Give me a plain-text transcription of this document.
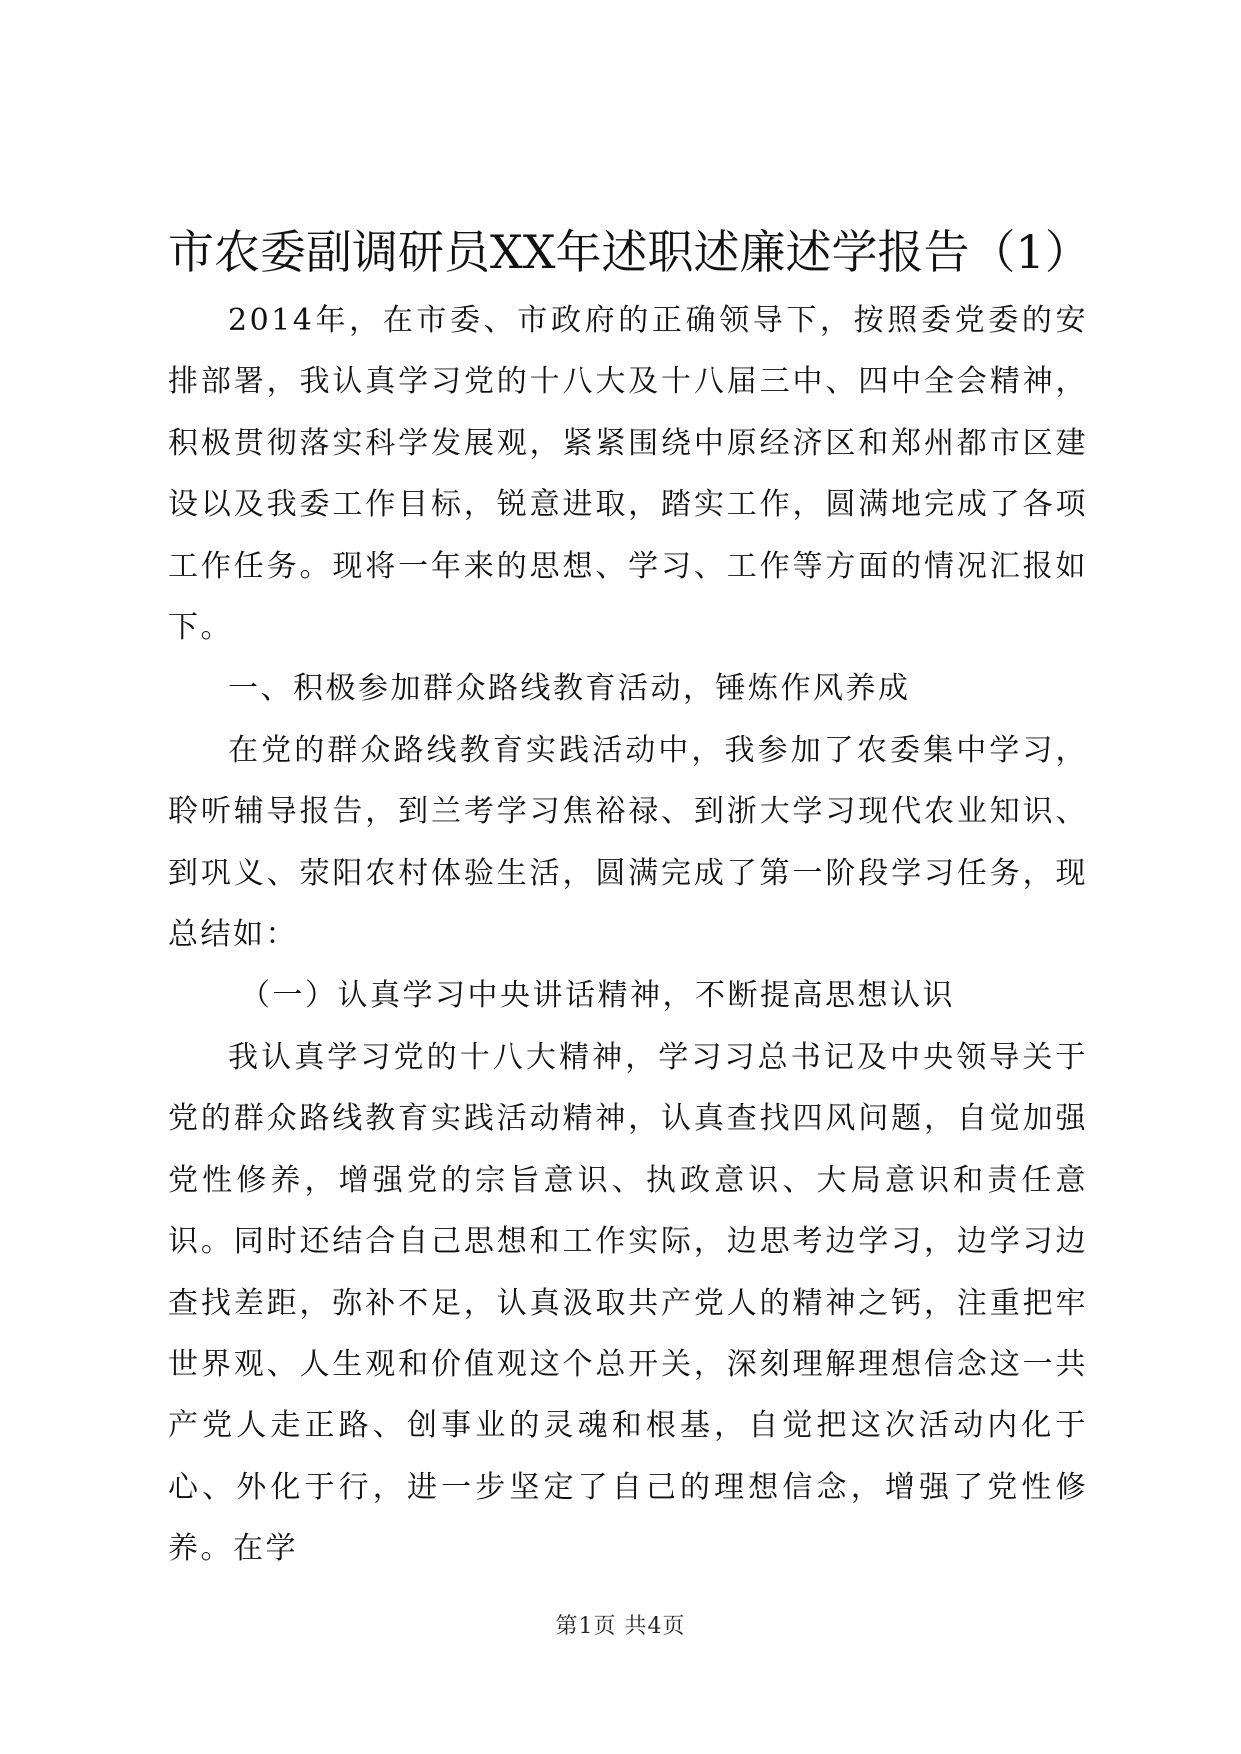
市农委副调研员XX年述职述廉述学报告（1）

2014年，在市委、市政府的正确领导下，按照委党委的安排部署，我认真学习党的十八大及十八届三中、四中全会精神，积极贯彻落实科学发展观，紧紧围绕中原经济区和郑州都市区建设以及我委工作目标，锐意进取，踏实工作，圆满地完成了各项工作任务。现将一年来的思想、学习、工作等方面的情况汇报如下。

一、积极参加群众路线教育活动，锤炼作风养成

在党的群众路线教育实践活动中，我参加了农委集中学习，聆听辅导报告，到兰考学习焦裕禄、到浙大学习现代农业知识、到巩义、荥阳农村体验生活，圆满完成了第一阶段学习任务，现总结如：

（一）认真学习中央讲话精神，不断提高思想认识

我认真学习党的十八大精神，学习习总书记及中央领导关于党的群众路线教育实践活动精神，认真查找四风问题，自觉加强党性修养，增强党的宗旨意识、执政意识、大局意识和责任意识。同时还结合自己思想和工作实际，边思考边学习，边学习边查找差距，弥补不足，认真汲取共产党人的精神之钙，注重把牢世界观、人生观和价值观这个总开关，深刻理解理想信念这一共产党人走正路、创事业的灵魂和根基，自觉把这次活动内化于心、外化于行，进一步坚定了自己的理想信念，增强了党性修养。在学

第1页 共4页
